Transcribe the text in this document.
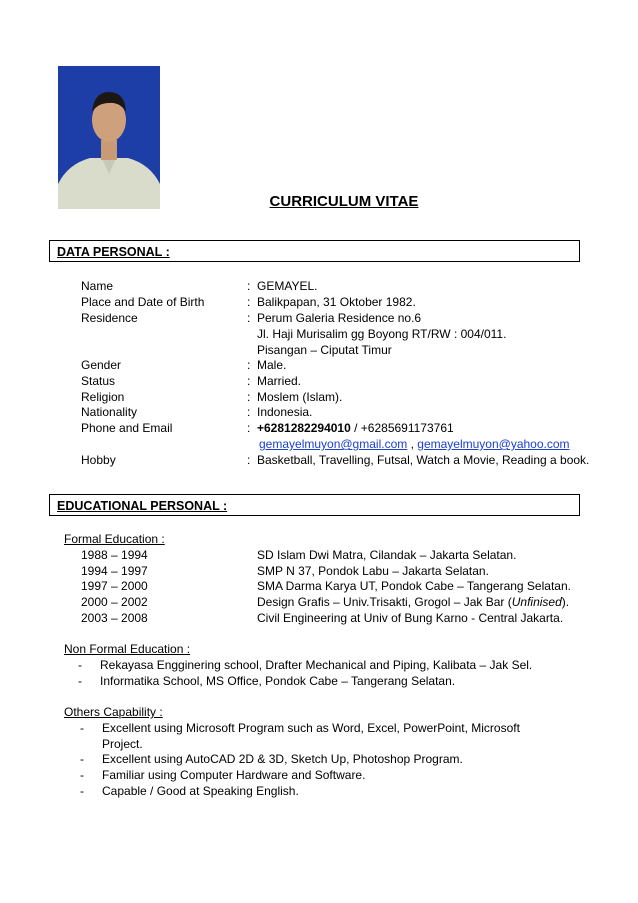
CURRICULUM VITAE
DATA PERSONAL :
Name	: GEMAYEL.
Place and Date of Birth	: Balikpapan, 31 Oktober 1982.
Residence	: Perum Galeria Residence no.6
Jl. Haji Murisalim gg Boyong RT/RW : 004/011.
Pisangan – Ciputat Timur
Gender	: Male.
Status	: Married.
Religion	: Moslem (Islam).
Nationality	: Indonesia.
Phone and Email	: +6281282294010 / +6285691173761
gemayelmuyon@gmail.com , gemayelmuyon@yahoo.com
Hobby	: Basketball, Travelling, Futsal, Watch a Movie, Reading a book.
EDUCATIONAL PERSONAL :
Formal Education :
1988 – 1994	SD Islam Dwi Matra, Cilandak – Jakarta Selatan.
1994 – 1997	SMP N 37, Pondok Labu – Jakarta Selatan.
1997 – 2000	SMA Darma Karya UT, Pondok Cabe – Tangerang Selatan.
2000 – 2002	Design Grafis – Univ.Trisakti, Grogol – Jak Bar (Unfinised).
2003 – 2008	Civil Engineering at Univ of Bung Karno - Central Jakarta.
Non Formal Education :
- Rekayasa Engginering school, Drafter Mechanical and Piping, Kalibata – Jak Sel.
- Informatika School, MS Office, Pondok Cabe – Tangerang Selatan.
Others Capability :
- Excellent using Microsoft Program such as Word, Excel, PowerPoint, Microsoft
Project.
- Excellent using AutoCAD 2D & 3D, Sketch Up, Photoshop Program.
- Familiar using Computer Hardware and Software.
- Capable / Good at Speaking English.
